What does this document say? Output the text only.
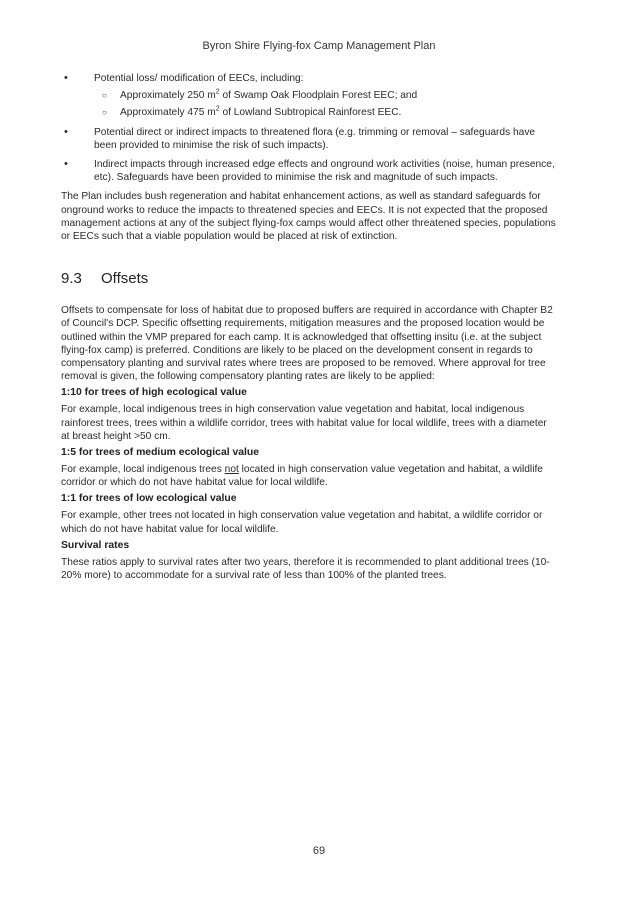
Byron Shire Flying-fox Camp Management Plan
• Potential loss/ modification of EECs, including:
○ Approximately 250 $m^2$ of Swamp Oak Floodplain Forest EEC; and
○ Approximately 475 $m^2$ of Lowland Subtropical Rainforest EEC.
• Potential direct or indirect impacts to threatened flora (e.g. trimming or removal – safeguards have been provided to minimise the risk of such impacts).
• Indirect impacts through increased edge effects and onground work activities (noise, human presence, etc). Safeguards have been provided to minimise the risk and magnitude of such impacts.

The Plan includes bush regeneration and habitat enhancement actions, as well as standard safeguards for onground works to reduce the impacts to threatened species and EECs. It is not expected that the proposed management actions at any of the subject flying-fox camps would affect other threatened species, populations or EECs such that a viable population would be placed at risk of extinction.

9.3 Offsets

Offsets to compensate for loss of habitat due to proposed buffers are required in accordance with Chapter B2 of Council's DCP. Specific offsetting requirements, mitigation measures and the proposed location would be outlined within the VMP prepared for each camp. It is acknowledged that offsetting insitu (i.e. at the subject flying-fox camp) is preferred. Conditions are likely to be placed on the development consent in regards to compensatory planting and survival rates where trees are proposed to be removed. Where approval for tree removal is given, the following compensatory planting rates are likely to be applied:

1:10 for trees of high ecological value

For example, local indigenous trees in high conservation value vegetation and habitat, local indigenous rainforest trees, trees within a wildlife corridor, trees with habitat value for local wildlife, trees with a diameter at breast height >50 cm.

1:5 for trees of medium ecological value

For example, local indigenous trees not located in high conservation value vegetation and habitat, a wildlife corridor or which do not have habitat value for local wildlife.

1:1 for trees of low ecological value

For example, other trees not located in high conservation value vegetation and habitat, a wildlife corridor or which do not have habitat value for local wildlife.

Survival rates

These ratios apply to survival rates after two years, therefore it is recommended to plant additional trees (10-20% more) to accommodate for a survival rate of less than 100% of the planted trees.

69
